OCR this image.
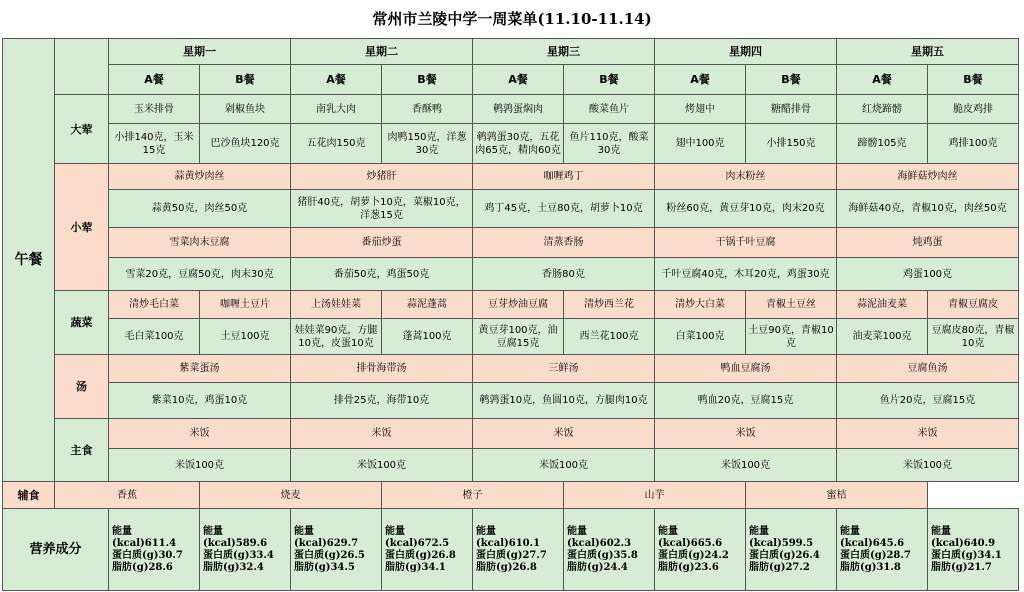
常州市兰陵中学一周菜单(11.10-11.14)
午餐		星期一		星期二		星期三		星期四		星期五	
		A餐	B餐	A餐	B餐	A餐	B餐	A餐	B餐	A餐	B餐
	大荤	玉米排骨	剁椒鱼块	南乳大肉	香酥鸭	鹌鹑蛋焖肉	酸菜鱼片	烤翅中	糖醋排骨	红烧蹄髈	脆皮鸡排
		小排140克，玉米15克	巴沙鱼块120克	五花肉150克	肉鸭150克，洋葱30克	鹌鹑蛋30克，五花肉65克，精肉60克	鱼片110克，酸菜30克	翅中100克	小排150克	蹄髈105克	鸡排100克
	小荤	蒜黄炒肉丝		炒猪肝		咖喱鸡丁		肉末粉丝		海鲜菇炒肉丝	
		蒜黄50克，肉丝50克		猪肝40克，胡萝卜10克，菜椒10克，洋葱15克		鸡丁45克，土豆80克，胡萝卜10克		粉丝60克，黄豆芽10克，肉末20克		海鲜菇40克，青椒10克，肉丝50克	
		雪菜肉末豆腐		番茄炒蛋		清蒸香肠		干锅千叶豆腐		炖鸡蛋	
		雪菜20克，豆腐50克，肉末30克		番茄50克，鸡蛋50克		香肠80克		千叶豆腐40克，木耳20克，鸡蛋30克		鸡蛋100克	
	蔬菜	清炒毛白菜	咖喱土豆片	上汤娃娃菜	蒜泥蓬蒿	豆芽炒油豆腐	清炒西兰花	清炒大白菜	青椒土豆丝	蒜泥油麦菜	青椒豆腐皮
		毛白菜100克	土豆100克	娃娃菜90克，方腿10克，皮蛋10克	蓬蒿100克	黄豆芽100克，油豆腐15克	西兰花100克	白菜100克	土豆90克，青椒10克	油麦菜100克	豆腐皮80克，青椒10克
	汤	紫菜蛋汤		排骨海带汤		三鲜汤		鸭血豆腐汤		豆腐鱼汤	
		紫菜10克，鸡蛋10克		排骨25克，海带10克		鹌鹑蛋10克，鱼圆10克，方腿肉10克		鸭血20克，豆腐15克		鱼片20克，豆腐15克	
	主食	米饭		米饭		米饭		米饭		米饭	
		米饭100克		米饭100克		米饭100克		米饭100克		米饭100克	
辅食	香蕉		烧麦		橙子		山芋		蜜桔		
营养成分		能量
(kcal)611.4
蛋白质(g)30.7
脂肪(g)28.6	能量
(kcal)589.6
蛋白质(g)33.4
脂肪(g)32.4	能量
(kcal)629.7
蛋白质(g)26.5
脂肪(g)34.5	能量
(kcal)672.5
蛋白质(g)26.8
脂肪(g)34.1	能量
(kcal)610.1
蛋白质(g)27.7
脂肪(g)26.8	能量
(kcal)602.3
蛋白质(g)35.8
脂肪(g)24.4	能量
(kcal)665.6
蛋白质(g)24.2
脂肪(g)23.6	能量
(kcal)599.5
蛋白质(g)26.4
脂肪(g)27.2	能量
(kcal)645.6
蛋白质(g)28.7
脂肪(g)31.8	能量
(kcal)640.9
蛋白质(g)34.1
脂肪(g)21.7
